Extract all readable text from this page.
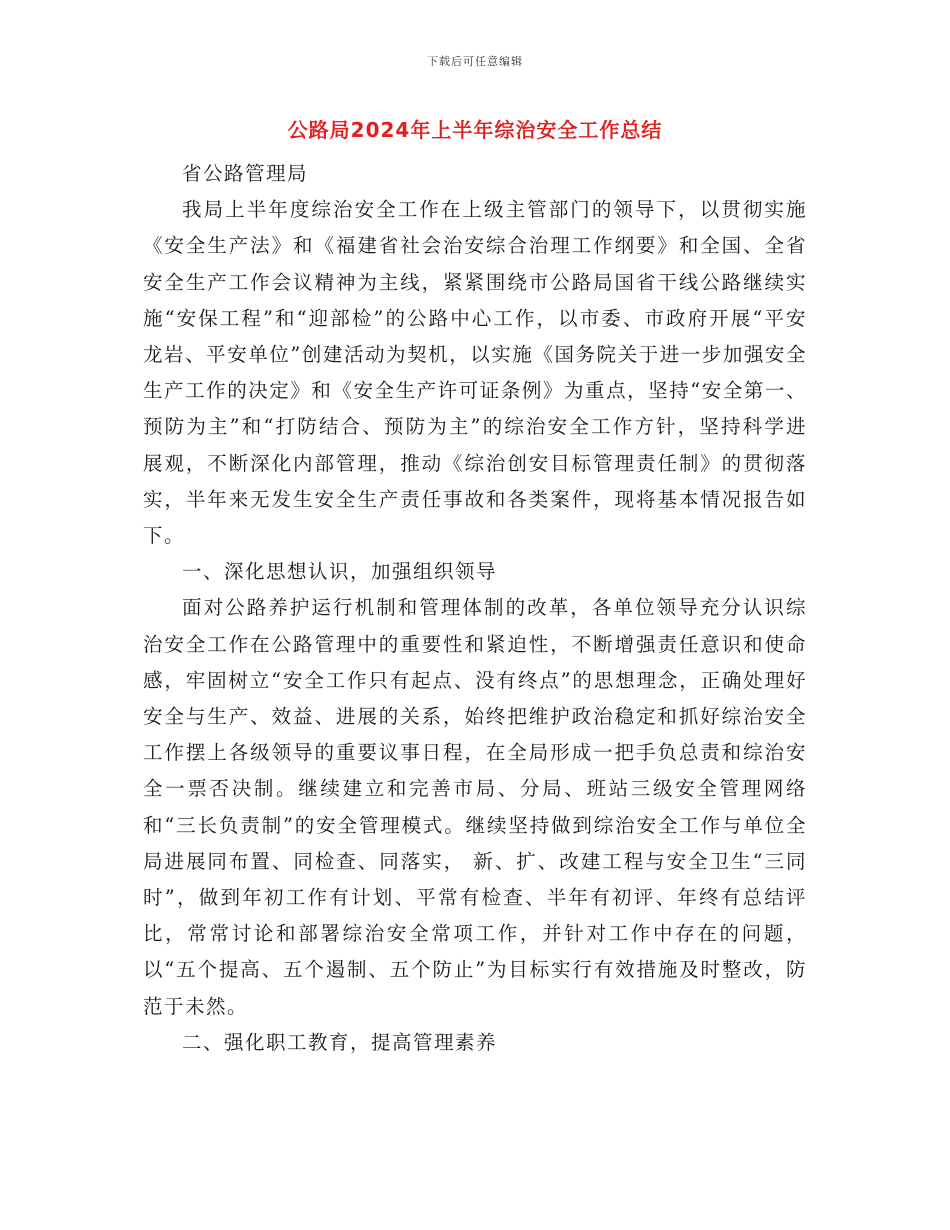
下载后可任意编辑
公路局2024年上半年综治安全工作总结

省公路管理局

我局上半年度综治安全工作在上级主管部门的领导下，以贯彻实施《安全生产法》和《福建省社会治安综合治理工作纲要》和全国、全省安全生产工作会议精神为主线，紧紧围绕市公路局国省干线公路继续实施“安保工程”和“迎部检”的公路中心工作，以市委、市政府开展“平安龙岩、平安单位”创建活动为契机，以实施《国务院关于进一步加强安全生产工作的决定》和《安全生产许可证条例》为重点，坚持“安全第一、预防为主”和“打防结合、预防为主”的综治安全工作方针，坚持科学进展观，不断深化内部管理，推动《综治创安目标管理责任制》的贯彻落实，半年来无发生安全生产责任事故和各类案件，现将基本情况报告如下。

一、深化思想认识，加强组织领导

面对公路养护运行机制和管理体制的改革，各单位领导充分认识综治安全工作在公路管理中的重要性和紧迫性，不断增强责任意识和使命感，牢固树立“安全工作只有起点、没有终点”的思想理念，正确处理好安全与生产、效益、进展的关系，始终把维护政治稳定和抓好综治安全工作摆上各级领导的重要议事日程，在全局形成一把手负总责和综治安全一票否决制。继续建立和完善市局、分局、班站三级安全管理网络和“三长负责制”的安全管理模式。继续坚持做到综治安全工作与单位全局进展同布置、同检查、同落实， 新、扩、改建工程与安全卫生“三同时”，做到年初工作有计划、平常有检查、半年有初评、年终有总结评比，常常讨论和部署综治安全常项工作，并针对工作中存在的问题，以“五个提高、五个遏制、五个防止”为目标实行有效措施及时整改，防范于未然。

二、强化职工教育，提高管理素养
